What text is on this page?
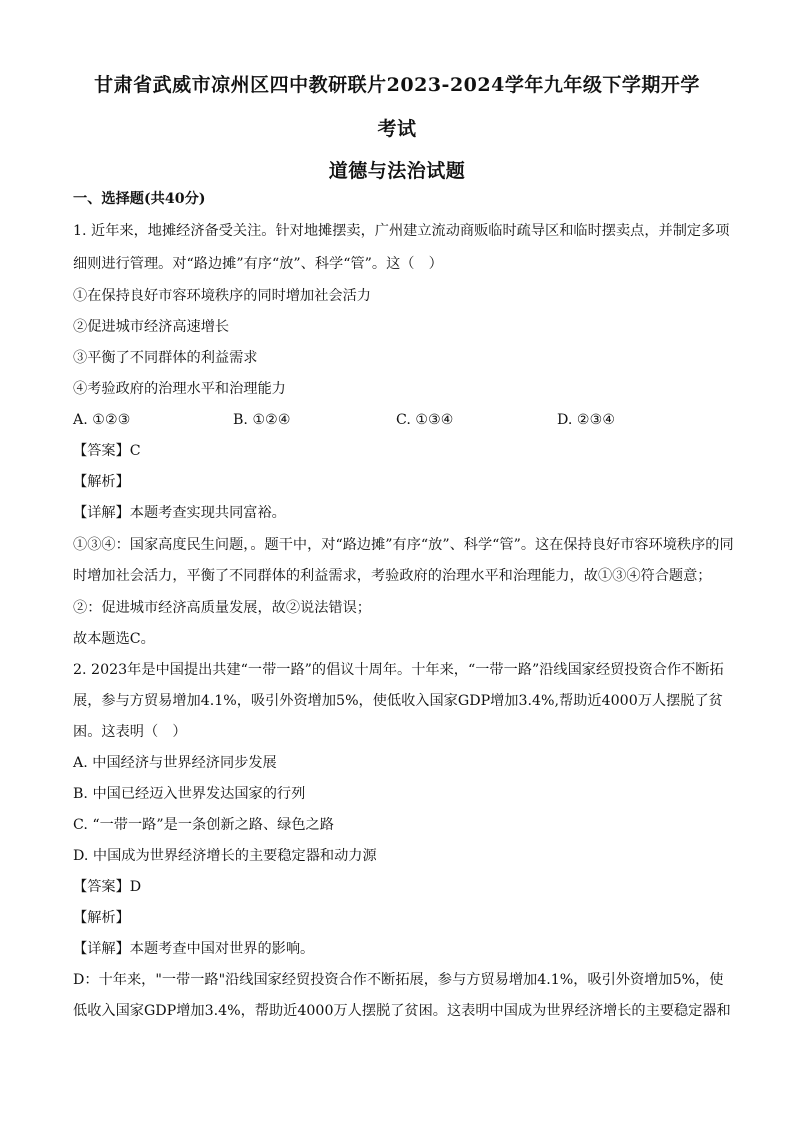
甘肃省武威市凉州区四中教研联片2023-2024学年九年级下学期开学
考试
道德与法治试题
一、选择题(共40分)
1. 近年来，地摊经济备受关注。针对地摊摆卖，广州建立流动商贩临时疏导区和临时摆卖点，并制定多项
细则进行管理。对“路边摊”有序“放”、科学“管”。这（　）
①在保持良好市容环境秩序的同时增加社会活力
②促进城市经济高速增长
③平衡了不同群体的利益需求
④考验政府的治理水平和治理能力
A. ①②③	B. ①②④	C. ①③④	D. ②③④
【答案】C
【解析】
【详解】本题考查实现共同富裕。
①③④：国家高度民生问题，。题干中，对“路边摊”有序“放”、科学“管”。这在保持良好市容环境秩序的同
时增加社会活力，平衡了不同群体的利益需求，考验政府的治理水平和治理能力，故①③④符合题意；
②：促进城市经济高质量发展，故②说法错误；
故本题选C。
2. 2023年是中国提出共建“一带一路”的倡议十周年。十年来，“一带一路”沿线国家经贸投资合作不断拓
展，参与方贸易增加4.1%，吸引外资增加5%，使低收入国家GDP增加3.4%,帮助近4000万人摆脱了贫
困。这表明（　）
A. 中国经济与世界经济同步发展
B. 中国已经迈入世界发达国家的行列
C. “一带一路”是一条创新之路、绿色之路
D. 中国成为世界经济增长的主要稳定器和动力源
【答案】D
【解析】
【详解】本题考查中国对世界的影响。
D：十年来，"一带一路"沿线国家经贸投资合作不断拓展，参与方贸易增加4.1%，吸引外资增加5%，使
低收入国家GDP增加3.4%，帮助近4000万人摆脱了贫困。这表明中国成为世界经济增长的主要稳定器和
